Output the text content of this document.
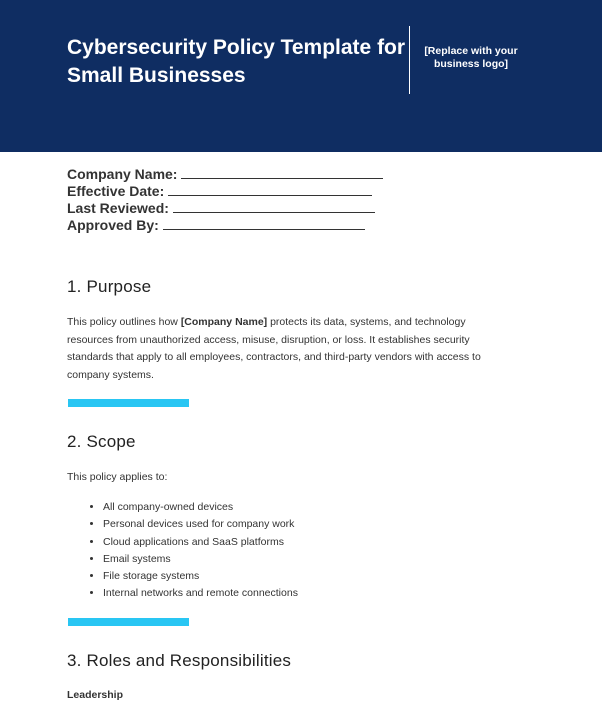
Cybersecurity Policy Template for Small Businesses
[Replace with your business logo]
Company Name:
Effective Date:
Last Reviewed:
Approved By:
1. Purpose
This policy outlines how [Company Name] protects its data, systems, and technology resources from unauthorized access, misuse, disruption, or loss. It establishes security standards that apply to all employees, contractors, and third-party vendors with access to company systems.
2. Scope
This policy applies to:
• All company-owned devices
• Personal devices used for company work
• Cloud applications and SaaS platforms
• Email systems
• File storage systems
• Internal networks and remote connections
3. Roles and Responsibilities
Leadership
